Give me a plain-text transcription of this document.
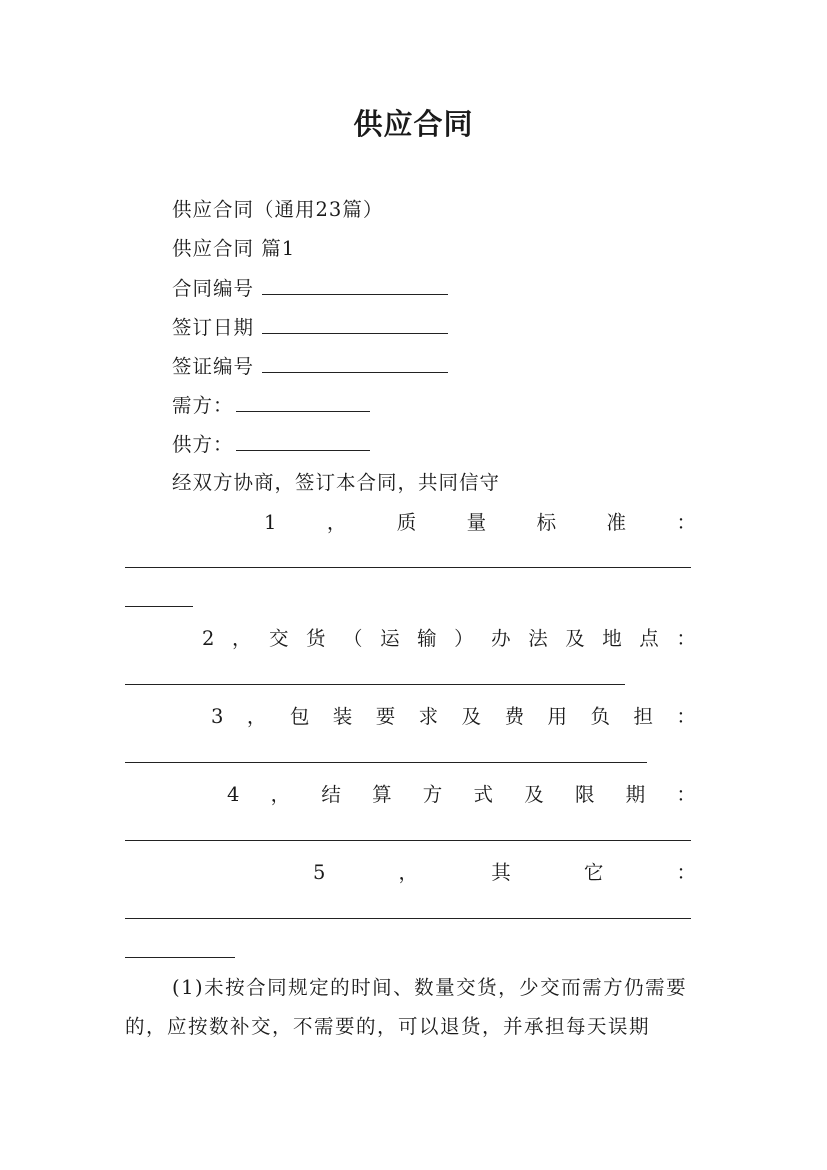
供应合同
供应合同（通用23篇）
供应合同 篇1
合同编号
签订日期
签证编号
需方：
供方：
经双方协商，签订本合同，共同信守
1	，	质	量	标	准	：
2 ， 交 货 （ 运 输 ） 办 法 及 地 点 ：
3 ， 包 装 要 求 及 费 用 负 担 ：
4 ， 结 算 方 式 及 限 期 ：
5	，	其	它	：

(1)未按合同规定的时间、数量交货，少交而需方仍需要的，应按数补交，不需要的，可以退货，并承担每天误期
